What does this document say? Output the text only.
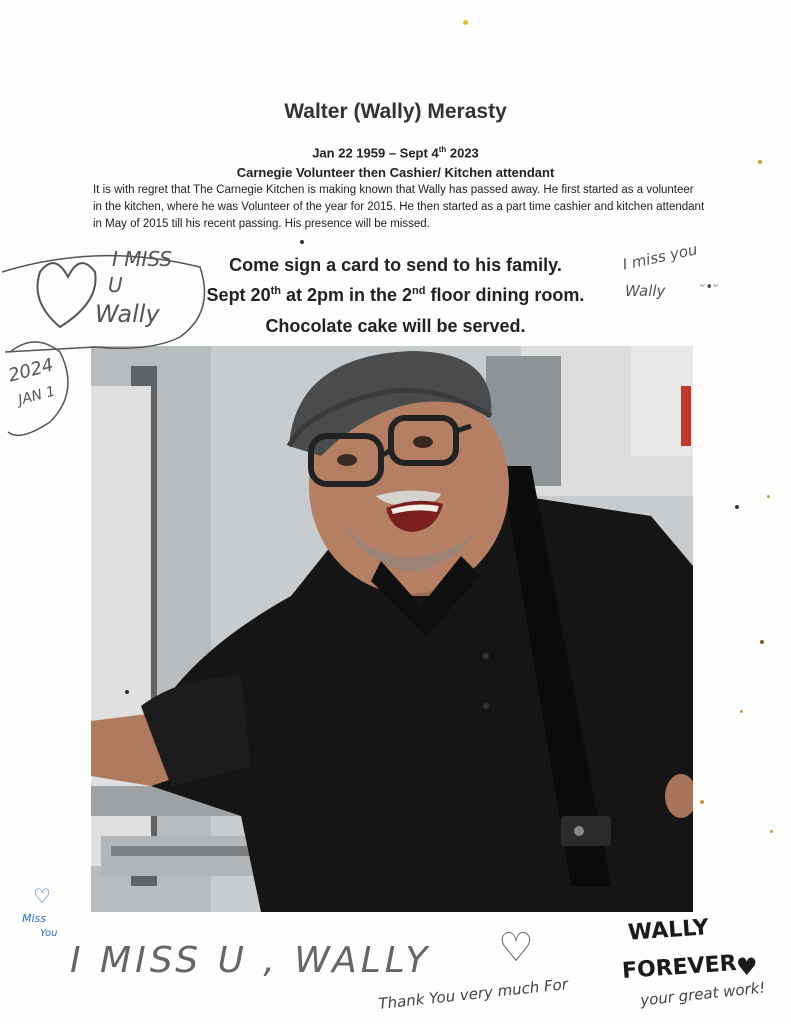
Walter (Wally) Merasty
Jan 22 1959 – Sept 4th 2023
Carnegie Volunteer then Cashier/ Kitchen attendant

It is with regret that The Carnegie Kitchen is making known that Wally has passed away. He first started as a volunteer in the kitchen, where he was Volunteer of the year for 2015. He then started as a part time cashier and kitchen attendant in May of 2015 till his recent passing. His presence will be missed.

Come sign a card to send to his family.
Sept 20th at 2pm in the 2nd floor dining room.
Chocolate cake will be served.
I MISS
U
Wally
2024
JAN 1
I miss you
Wally	ᵕ•ᵕ
♡
Miss
You
I MISS U , WALLY ♡	WALLY
FOREVER
♥
Thank You very much For	your great work!
